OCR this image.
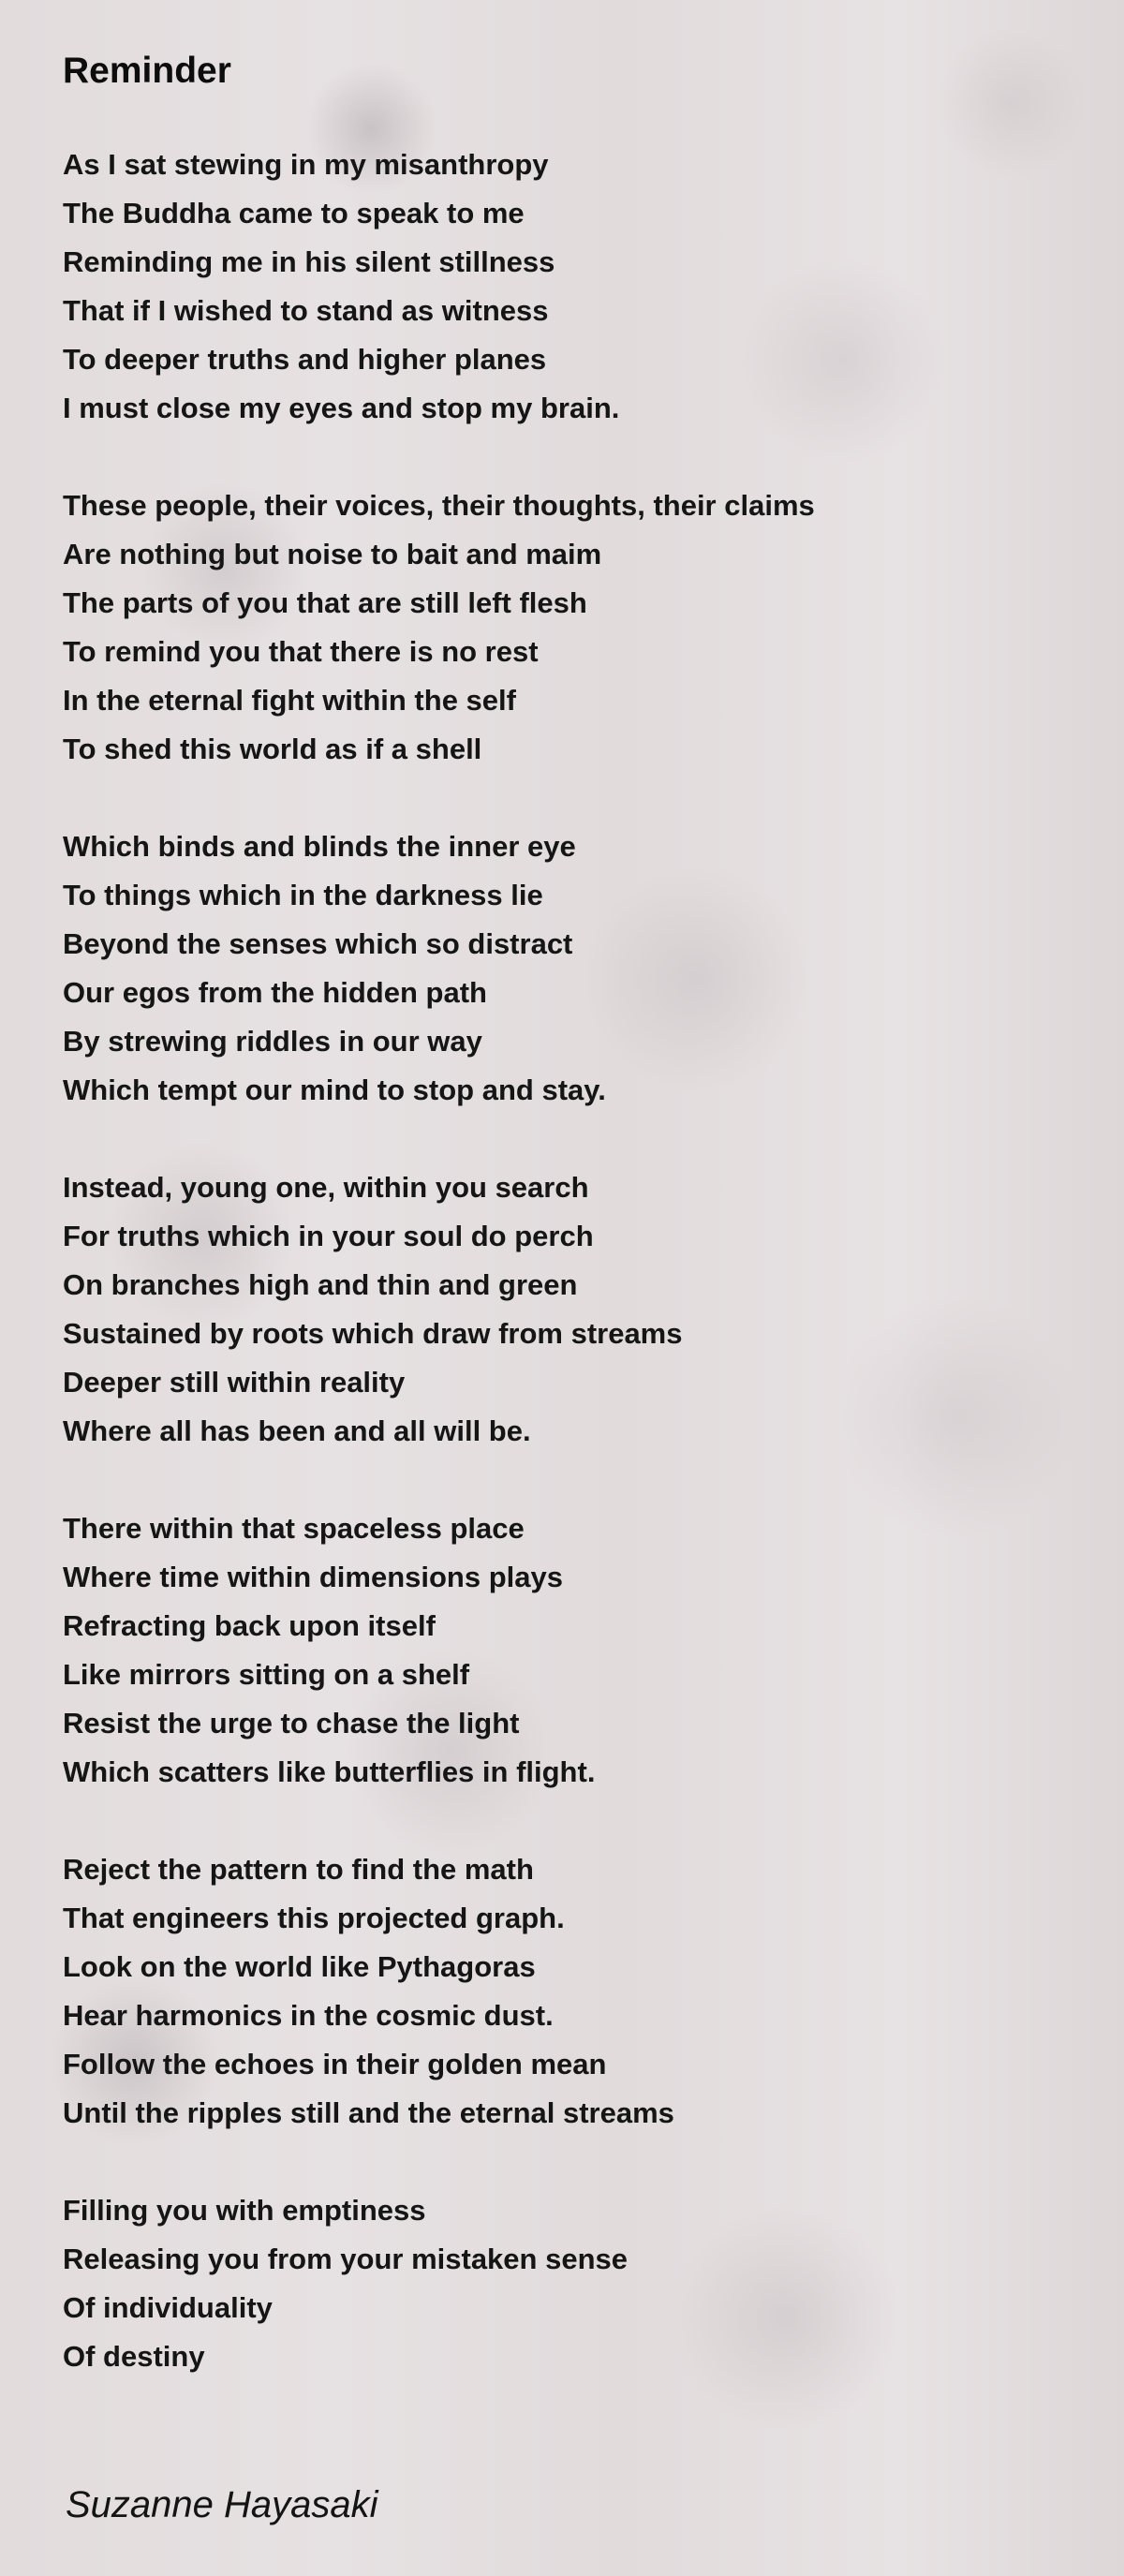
Reminder
As I sat stewing in my misanthropy
The Buddha came to speak to me
Reminding me in his silent stillness
That if I wished to stand as witness
To deeper truths and higher planes
I must close my eyes and stop my brain.
These people, their voices, their thoughts, their claims
Are nothing but noise to bait and maim
The parts of you that are still left flesh
To remind you that there is no rest
In the eternal fight within the self
To shed this world as if a shell
Which binds and blinds the inner eye
To things which in the darkness lie
Beyond the senses which so distract
Our egos from the hidden path
By strewing riddles in our way
Which tempt our mind to stop and stay.
Instead, young one, within you search
For truths which in your soul do perch
On branches high and thin and green
Sustained by roots which draw from streams
Deeper still within reality
Where all has been and all will be.
There within that spaceless place
Where time within dimensions plays
Refracting back upon itself
Like mirrors sitting on a shelf
Resist the urge to chase the light
Which scatters like butterflies in flight.
Reject the pattern to find the math
That engineers this projected graph.
Look on the world like Pythagoras
Hear harmonics in the cosmic dust.
Follow the echoes in their golden mean
Until the ripples still and the eternal streams
Filling you with emptiness
Releasing you from your mistaken sense
Of individuality
Of destiny
Suzanne Hayasaki
